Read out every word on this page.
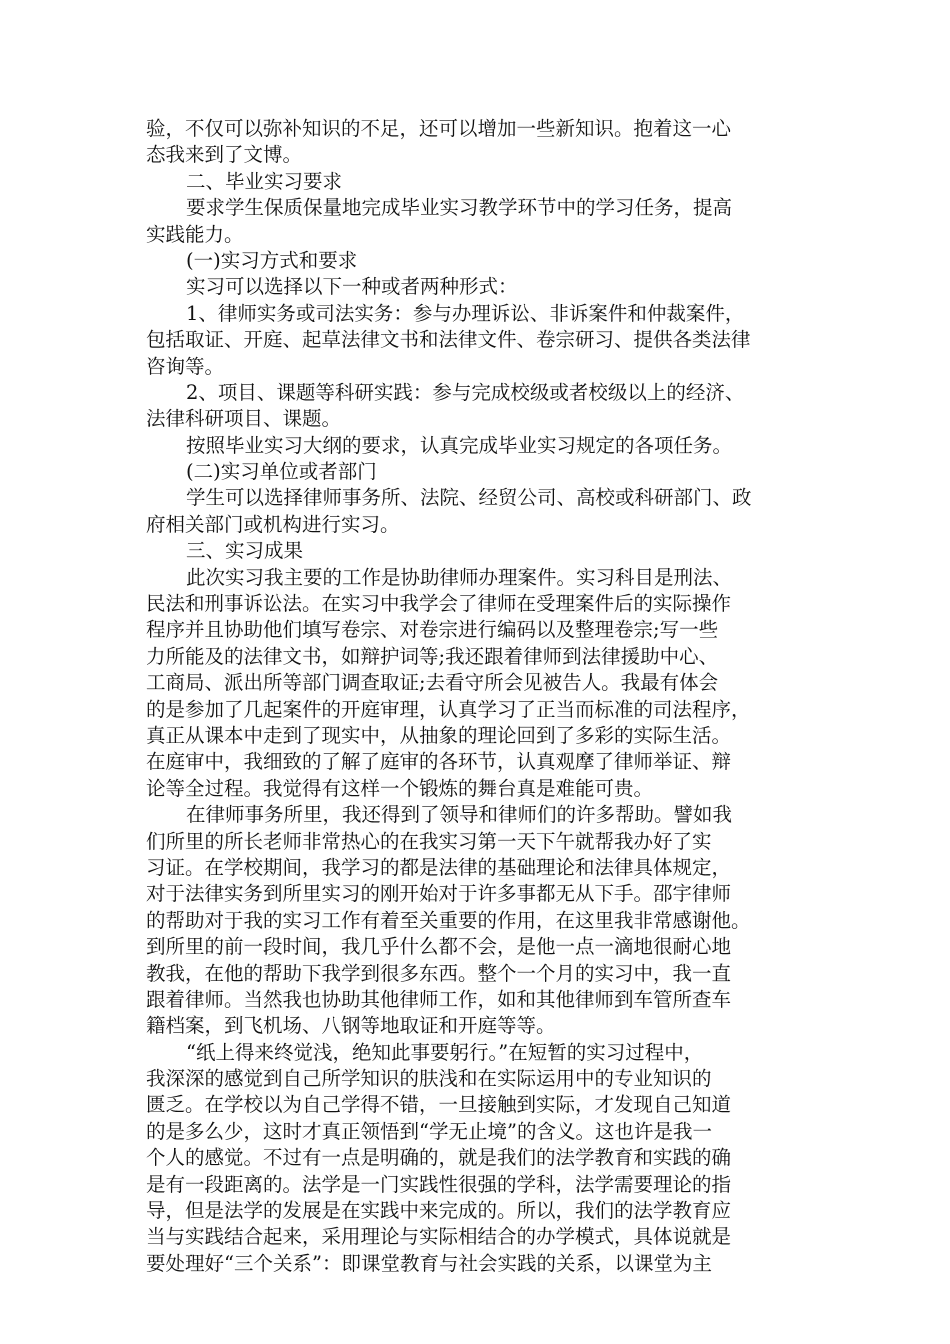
验，不仅可以弥补知识的不足，还可以增加一些新知识。抱着这一心
态我来到了文博。
二、毕业实习要求
要求学生保质保量地完成毕业实习教学环节中的学习任务，提高
实践能力。
(一)实习方式和要求
实习可以选择以下一种或者两种形式：
1、律师实务或司法实务：参与办理诉讼、非诉案件和仲裁案件，
包括取证、开庭、起草法律文书和法律文件、卷宗研习、提供各类法律
咨询等。
2、项目、课题等科研实践：参与完成校级或者校级以上的经济、
法律科研项目、课题。
按照毕业实习大纲的要求，认真完成毕业实习规定的各项任务。
(二)实习单位或者部门
学生可以选择律师事务所、法院、经贸公司、高校或科研部门、政
府相关部门或机构进行实习。
三、实习成果
此次实习我主要的工作是协助律师办理案件。实习科目是刑法、
民法和刑事诉讼法。在实习中我学会了律师在受理案件后的实际操作
程序并且协助他们填写卷宗、对卷宗进行编码以及整理卷宗;写一些
力所能及的法律文书，如辩护词等;我还跟着律师到法律援助中心、
工商局、派出所等部门调查取证;去看守所会见被告人。我最有体会
的是参加了几起案件的开庭审理，认真学习了正当而标准的司法程序，
真正从课本中走到了现实中，从抽象的理论回到了多彩的实际生活。
在庭审中，我细致的了解了庭审的各环节，认真观摩了律师举证、辩
论等全过程。我觉得有这样一个锻炼的舞台真是难能可贵。
在律师事务所里，我还得到了领导和律师们的许多帮助。譬如我
们所里的所长老师非常热心的在我实习第一天下午就帮我办好了实
习证。在学校期间，我学习的都是法律的基础理论和法律具体规定，
对于法律实务到所里实习的刚开始对于许多事都无从下手。邵宇律师
的帮助对于我的实习工作有着至关重要的作用，在这里我非常感谢他。
到所里的前一段时间，我几乎什么都不会，是他一点一滴地很耐心地
教我，在他的帮助下我学到很多东西。整个一个月的实习中，我一直
跟着律师。当然我也协助其他律师工作，如和其他律师到车管所查车
籍档案，到飞机场、八钢等地取证和开庭等等。
“纸上得来终觉浅，绝知此事要躬行。”在短暂的实习过程中，
我深深的感觉到自己所学知识的肤浅和在实际运用中的专业知识的
匮乏。在学校以为自己学得不错，一旦接触到实际，才发现自己知道
的是多么少，这时才真正领悟到“学无止境”的含义。这也许是我一
个人的感觉。不过有一点是明确的，就是我们的法学教育和实践的确
是有一段距离的。法学是一门实践性很强的学科，法学需要理论的指
导，但是法学的发展是在实践中来完成的。所以，我们的法学教育应
当与实践结合起来，采用理论与实际相结合的办学模式，具体说就是
要处理好“三个关系”：即课堂教育与社会实践的关系，以课堂为主
